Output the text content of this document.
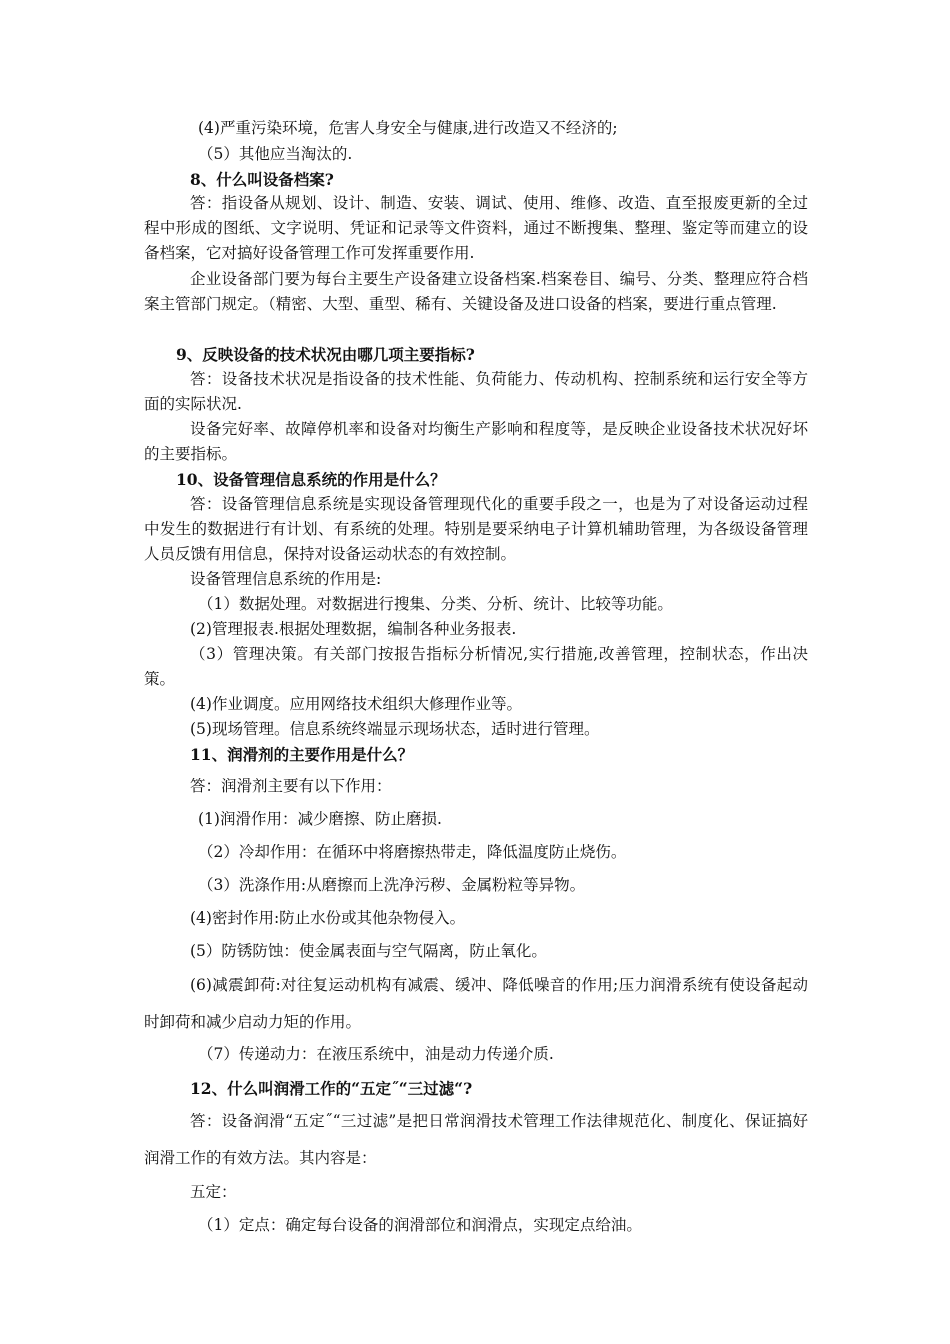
(4)严重污染环境，危害人身安全与健康,进行改造又不经济的;

（5）其他应当淘汰的.

8、什么叫设备档案?

答：指设备从规划、设计、制造、安装、调试、使用、维修、改造、直至报废更新的全过程中形成的图纸、文字说明、凭证和记录等文件资料，通过不断搜集、整理、鉴定等而建立的设备档案，它对搞好设备管理工作可发挥重要作用.

企业设备部门要为每台主要生产设备建立设备档案.档案卷目、编号、分类、整理应符合档案主管部门规定。（精密、大型、重型、稀有、关键设备及进口设备的档案，要进行重点管理.

9、反映设备的技术状况由哪几项主要指标?

答：设备技术状况是指设备的技术性能、负荷能力、传动机构、控制系统和运行安全等方面的实际状况.

设备完好率、故障停机率和设备对均衡生产影响和程度等，是反映企业设备技术状况好坏的主要指标。

10、设备管理信息系统的作用是什么？

答：设备管理信息系统是实现设备管理现代化的重要手段之一，也是为了对设备运动过程中发生的数据进行有计划、有系统的处理。特别是要采纳电子计算机辅助管理，为各级设备管理人员反馈有用信息，保持对设备运动状态的有效控制。

设备管理信息系统的作用是:

（1）数据处理。对数据进行搜集、分类、分析、统计、比较等功能。

(2)管理报表.根据处理数据，编制各种业务报表.

（3）管理决策。有关部门按报告指标分析情况,实行措施,改善管理，控制状态，作出决策。

(4)作业调度。应用网络技术组织大修理作业等。

(5)现场管理。信息系统终端显示现场状态，适时进行管理。

11、润滑剂的主要作用是什么？

答：润滑剂主要有以下作用：

(1)润滑作用：减少磨擦、防止磨损.

（2）冷却作用：在循环中将磨擦热带走，降低温度防止烧伤。

（3）洗涤作用:从磨擦而上洗净污秽、金属粉粒等异物。

(4)密封作用:防止水份或其他杂物侵入。

(5）防锈防蚀：使金属表面与空气隔离，防止氧化。

(6)减震卸荷:对往复运动机构有减震、缓冲、降低噪音的作用;压力润滑系统有使设备起动时卸荷和减少启动力矩的作用。

（7）传递动力：在液压系统中，油是动力传递介质.

12、什么叫润滑工作的“五定˝“三过滤“?

答：设备润滑“五定˝“三过滤”是把日常润滑技术管理工作法律规范化、制度化、保证搞好润滑工作的有效方法。其内容是：

五定：

（1）定点：确定每台设备的润滑部位和润滑点，实现定点给油。
